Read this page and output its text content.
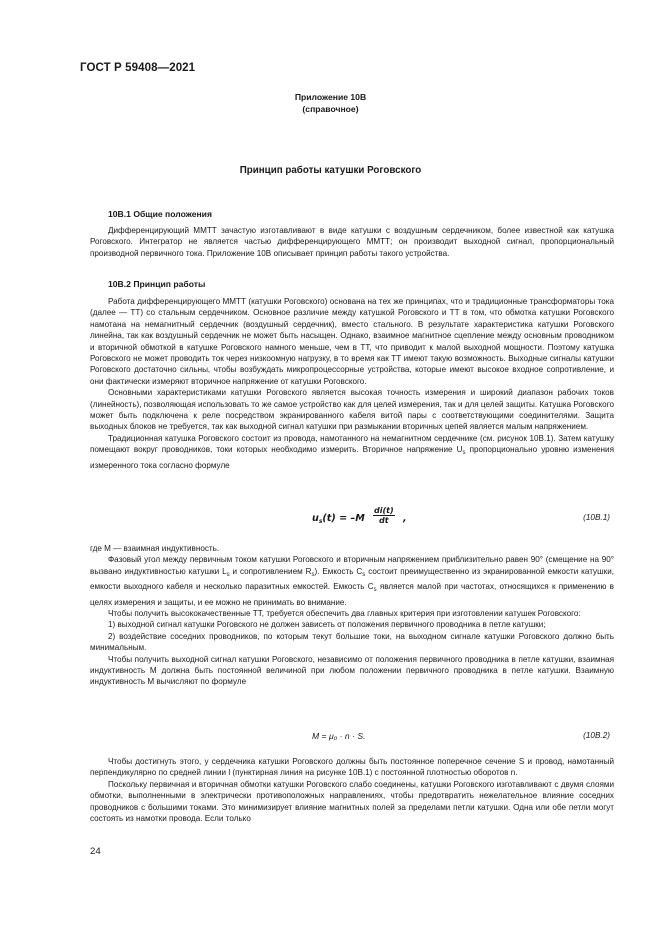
ГОСТ Р 59408—2021
Приложение 10В
(справочное)
Принцип работы катушки Роговского
10В.1 Общие положения

Дифференцирующий ММТТ зачастую изготавливают в виде катушки с воздушным сердечником, более известной как катушка Роговского. Интегратор не является частью дифференцирующего ММТТ; он производит выходной сигнал, пропорциональный производной первичного тока. Приложение 10В описывает принцип работы такого устройства.

10В.2 Принцип работы

Работа дифференцирующего ММТТ (катушки Роговского) основана на тех же принципах, что и традиционные трансформаторы тока (далее — ТТ) со стальным сердечником. Основное различие между катушкой Роговского и ТТ в том, что обмотка катушки Роговского намотана на немагнитный сердечник (воздушный сердечник), вместо стального. В результате характеристика катушки Роговского линейна, так как воздушный сердечник не может быть насыщен. Однако, взаимное магнитное сцепление между основным проводником и вторичной обмоткой в катушке Роговского намного меньше, чем в ТТ, что приводит к малой выходной мощности. Поэтому катушка Роговского не может проводить ток через низкоомную нагрузку, в то время как ТТ имеют такую возможность. Выходные сигналы катушки Роговского достаточно сильны, чтобы возбуждать микропроцессорные устройства, которые имеют высокое входное сопротивление, и они фактически измеряют вторичное напряжение от катушки Роговского.

Основными характеристиками катушки Роговского является высокая точность измерения и широкий диапазон рабочих токов (линейность), позволяющая использовать то же самое устройство как для целей измерения, так и для целей защиты. Катушка Роговского может быть подключена к реле посредством экранированного кабеля витой пары с соответствующими соединителями. Защита выходных блоков не требуется, так как выходной сигнал катушки при размыкании вторичных цепей является малым напряжением.

Традиционная катушка Роговского состоит из провода, намотанного на немагнитном сердечнике (см. рисунок 10В.1). Затем катушку помещают вокруг проводников, токи которых необходимо измерить. Вторичное напряжение $U_s$ пропорционально уровню изменения измеренного тока согласно формуле

$u_s(t) = -M \frac{di(t)}{dt}$ ,	(10В.1)

где M — взаимная индуктивность.

Фазовый угол между первичным током катушки Роговского и вторичным напряжением приблизительно равен 90° (смещение на 90° вызвано индуктивностью катушки $L_s$ и сопротивлением $R_s$). Емкость $C_s$ состоит преимущественно из экранированной емкости катушки, емкости выходного кабеля и несколько паразитных емкостей. Емкость $C_s$ является малой при частотах, относящихся к применению в целях измерения и защиты, и ее можно не принимать во внимание.

Чтобы получить высококачественные ТТ, требуется обеспечить два главных критерия при изготовлении катушек Роговского:

1) выходной сигнал катушки Роговского не должен зависеть от положения первичного проводника в петле катушки;

2) воздействие соседних проводников, по которым текут большие токи, на выходном сигнале катушки Роговского должно быть минимальным.

Чтобы получить выходной сигнал катушки Роговского, независимо от положения первичного проводника в петле катушки, взаимная индуктивность M должна быть постоянной величиной при любом положении первичного проводника в петле катушки. Взаимную индуктивность M вычисляют по формуле

M = μ₀ · n · S.	(10В.2)

Чтобы достигнуть этого, у сердечника катушки Роговского должны быть постоянное поперечное сечение S и провод, намотанный перпендикулярно по средней линии l (пунктирная линия на рисунке 10В.1) с постоянной плотностью оборотов n.

Поскольку первичная и вторичная обмотки катушки Роговского слабо соединены, катушки Роговского изготавливают с двумя слоями обмотки, выполненными в электрически противоположных направлениях, чтобы предотвратить нежелательное влияние соседних проводников с большими токами. Это минимизирует влияние магнитных полей за пределами петли катушки. Одна или обе петли могут состоять из намотки провода. Если только

24
